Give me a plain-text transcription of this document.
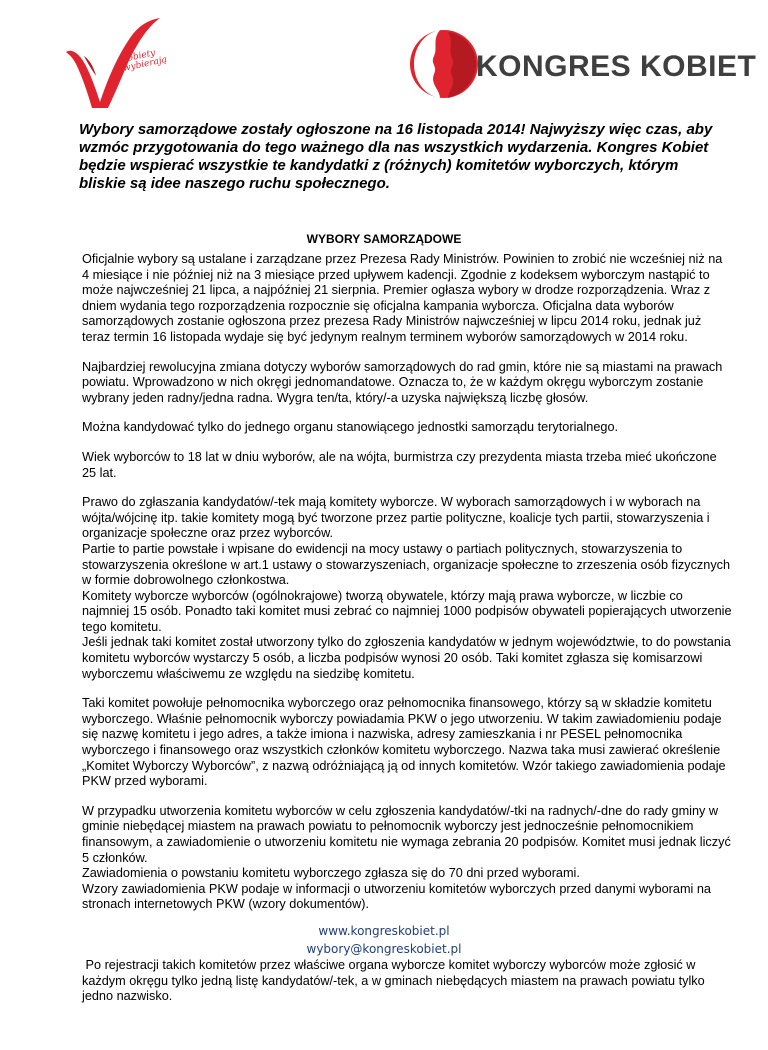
Kobiety wybierają	KONGRES KOBIET
Wybory samorządowe zostały ogłoszone na 16 listopada 2014! Najwyższy więc czas, aby wzmóc przygotowania do tego ważnego dla nas wszystkich wydarzenia. Kongres Kobiet będzie wspierać wszystkie te kandydatki z (różnych) komitetów wyborczych, którym bliskie są idee naszego ruchu społecznego.
WYBORY SAMORZĄDOWE

Oficjalnie wybory są ustalane i zarządzane przez Prezesa Rady Ministrów. Powinien to zrobić nie wcześniej niż na 4 miesiące i nie później niż na 3 miesiące przed upływem kadencji. Zgodnie z kodeksem wyborczym nastąpić to może najwcześniej 21 lipca, a najpóźniej 21 sierpnia. Premier ogłasza wybory w drodze rozporządzenia. Wraz z dniem wydania tego rozporządzenia rozpocznie się oficjalna kampania wyborcza. Oficjalna data wyborów samorządowych zostanie ogłoszona przez prezesa Rady Ministrów najwcześniej w lipcu 2014 roku, jednak już teraz termin 16 listopada wydaje się być jedynym realnym terminem wyborów samorządowych w 2014 roku.

Najbardziej rewolucyjna zmiana dotyczy wyborów samorządowych do rad gmin, które nie są miastami na prawach powiatu. Wprowadzono w nich okręgi jednomandatowe. Oznacza to, że w każdym okręgu wyborczym zostanie wybrany jeden radny/jedna radna. Wygra ten/ta, który/-a uzyska największą liczbę głosów.

Można kandydować tylko do jednego organu stanowiącego jednostki samorządu terytorialnego.

Wiek wyborców to 18 lat w dniu wyborów, ale na wójta, burmistrza czy prezydenta miasta trzeba mieć ukończone 25 lat.

Prawo do zgłaszania kandydatów/-tek mają komitety wyborcze. W wyborach samorządowych i w wyborach na wójta/wójcinę itp. takie komitety mogą być tworzone przez partie polityczne, koalicje tych partii, stowarzyszenia i organizacje społeczne oraz przez wyborców.
Partie to partie powstałe i wpisane do ewidencji na mocy ustawy o partiach politycznych, stowarzyszenia to stowarzyszenia określone w art.1 ustawy o stowarzyszeniach, organizacje społeczne to zrzeszenia osób fizycznych w formie dobrowolnego członkostwa.
Komitety wyborcze wyborców (ogólnokrajowe) tworzą obywatele, którzy mają prawa wyborcze, w liczbie co najmniej 15 osób. Ponadto taki komitet musi zebrać co najmniej 1000 podpisów obywateli popierających utworzenie tego komitetu.
Jeśli jednak taki komitet został utworzony tylko do zgłoszenia kandydatów w jednym województwie, to do powstania komitetu wyborców wystarczy 5 osób, a liczba podpisów wynosi 20 osób. Taki komitet zgłasza się komisarzowi wyborczemu właściwemu ze względu na siedzibę komitetu.

Taki komitet powołuje pełnomocnika wyborczego oraz pełnomocnika finansowego, którzy są w składzie komitetu wyborczego. Właśnie pełnomocnik wyborczy powiadamia PKW o jego utworzeniu. W takim zawiadomieniu podaje się nazwę komitetu i jego adres, a także imiona i nazwiska, adresy zamieszkania i nr PESEL pełnomocnika wyborczego i finansowego oraz wszystkich członków komitetu wyborczego. Nazwa taka musi zawierać określenie „Komitet Wyborczy Wyborców”, z nazwą odróżniającą ją od innych komitetów. Wzór takiego zawiadomienia podaje PKW przed wyborami.

W przypadku utworzenia komitetu wyborców w celu zgłoszenia kandydatów/-tki na radnych/-dne do rady gminy w gminie niebędącej miastem na prawach powiatu to pełnomocnik wyborczy jest jednocześnie pełnomocnikiem finansowym, a zawiadomienie o utworzeniu komitetu nie wymaga zebrania 20 podpisów. Komitet musi jednak liczyć 5 członków.
Zawiadomienia o powstaniu komitetu wyborczego zgłasza się do 70 dni przed wyborami.
Wzory zawiadomienia PKW podaje w informacji o utworzeniu komitetów wyborczych przed danymi wyborami na stronach internetowych PKW (wzory dokumentów).

Po rejestracji takich komitetów przez właściwe organa wyborcze komitet wyborczy wyborców może zgłosić w każdym okręgu tylko jedną listę kandydatów/-tek, a w gminach niebędących miastem na prawach powiatu tylko jedno nazwisko.

www.kongreskobiet.pl
wybory@kongreskobiet.pl
